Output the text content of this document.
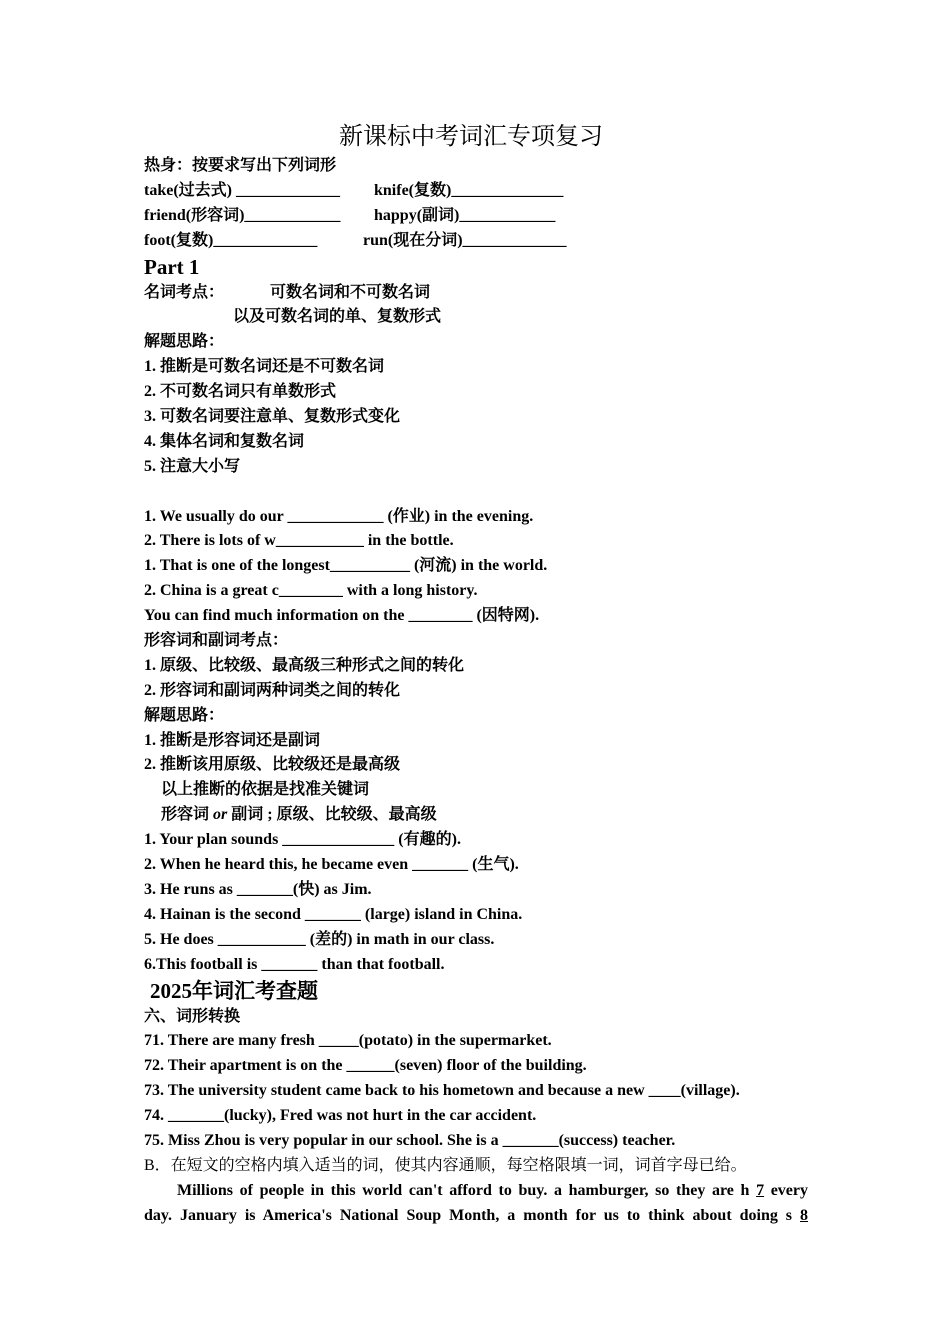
新课标中考词汇专项复习
热身：按要求写出下列词形
take(过去式) _____________ knife(复数)______________
friend(形容词)____________ happy(副词)____________
foot(复数)_____________	run(现在分词)_____________
Part 1
名词考点：	可数名词和不可数名词
以及可数名词的单、复数形式
解题思路：
1. 推断是可数名词还是不可数名词
2. 不可数名词只有单数形式
3. 可数名词要注意单、复数形式变化
4. 集体名词和复数名词
5. 注意大小写
1. We usually do our ____________ (作业) in the evening.
2. There is lots of w___________ in the bottle.
1. That is one of the longest__________ (河流) in the world.
2. China is a great c________ with a long history.
You can find much information on the ________ (因特网).
形容词和副词考点：
1. 原级、比较级、最高级三种形式之间的转化
2. 形容词和副词两种词类之间的转化
解题思路：
1. 推断是形容词还是副词
2. 推断该用原级、比较级还是最高级
以上推断的依据是找准关键词
形容词 or 副词 ; 原级、比较级、最高级
1. Your plan sounds ______________ (有趣的).
2. When he heard this, he became even _______ (生气).
3. He runs as _______(快) as Jim.
4. Hainan is the second _______ (large) island in China.
5. He does ___________ (差的) in math in our class.
6.This football is _______ than that football.
2025年词汇考查题
六、词形转换
71. There are many fresh _____(potato) in the supermarket.
72. Their apartment is on the ______(seven) floor of the building.
73. The university student came back to his hometown and because a new ____(village).
74. _______(lucky), Fred was not hurt in the car accident.
75. Miss Zhou is very popular in our school. She is a _______(success) teacher.
B．在短文的空格内填入适当的词，使其内容通顺，每空格限填一词，词首字母已给。
Millions of people in this world can't afford to buy. a hamburger, so they are h 7 every
day. January is America's National Soup Month, a month for us to think about doing s 8
